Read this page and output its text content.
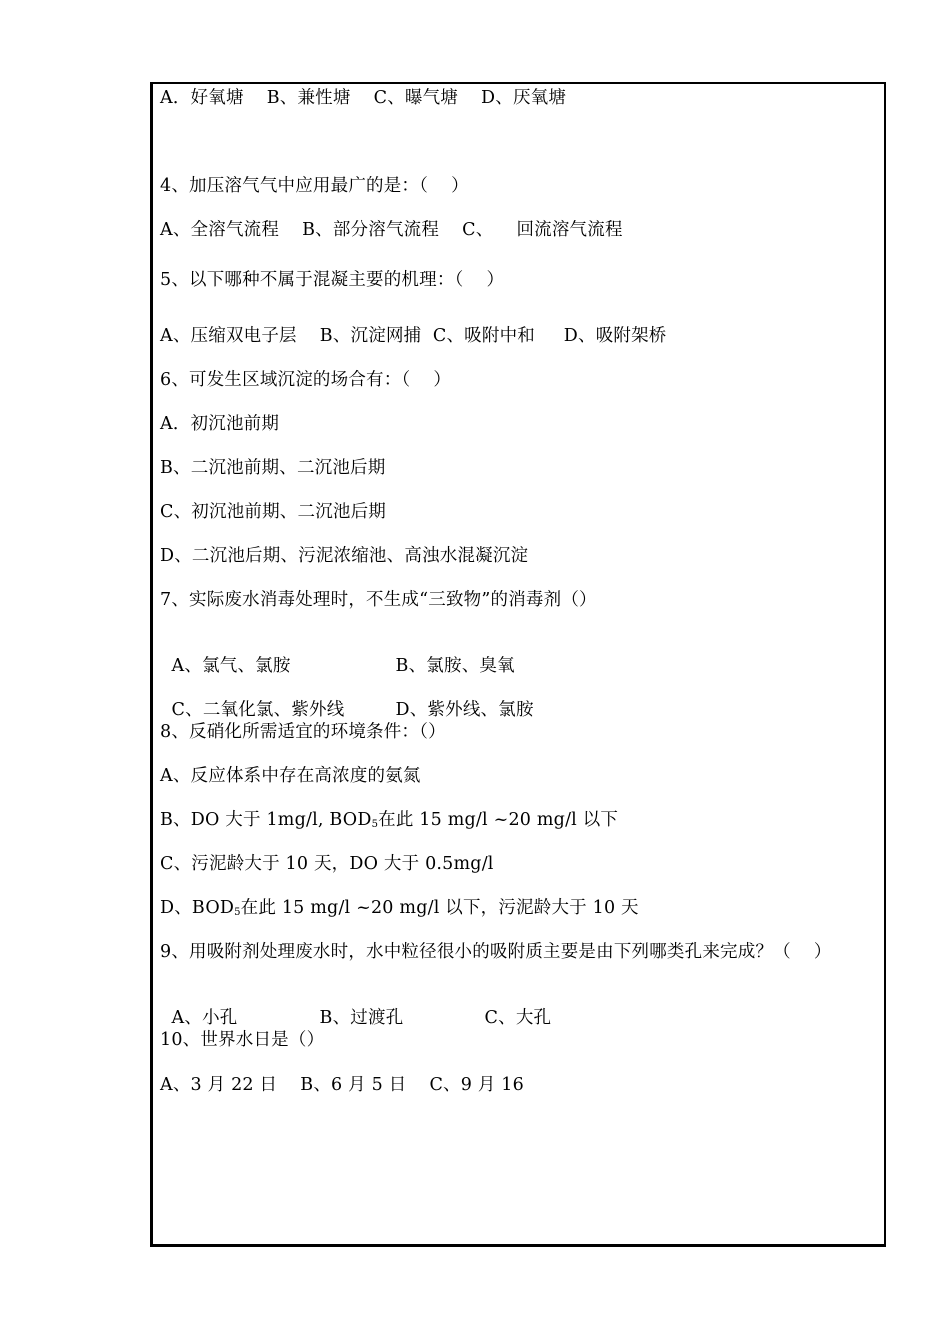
A．好氧塘    B、兼性塘    C、曝气塘    D、厌氧塘
4、加压溶气气中应用最广的是：（    ）
A、全溶气流程    B、部分溶气流程    C、    回流溶气流程
5、以下哪种不属于混凝主要的机理：（    ）
A、压缩双电子层    B、沉淀网捕  C、吸附中和     D、吸附架桥
6、可发生区域沉淀的场合有：（    ）
A．初沉池前期
B、二沉池前期、二沉池后期
C、初沉池前期、二沉池后期
D、二沉池后期、污泥浓缩池、高浊水混凝沉淀
7、实际废水消毒处理时，不生成“三致物”的消毒剂（）

A、氯气、氯胺	B、氯胺、臭氧

C、二氧化氯、紫外线	D、紫外线、氯胺

8、反硝化所需适宜的环境条件：（）
A、反应体系中存在高浓度的氨氮
B、DO 大于 1mg/l, $BOD_5$在此 15 mg/l ~20 mg/l 以下
C、污泥龄大于 10 天，DO 大于 0.5mg/l
D、$BOD_5$在此 15 mg/l ~20 mg/l 以下，污泥龄大于 10 天
9、用吸附剂处理废水时，水中粒径很小的吸附质主要是由下列哪类孔来完成？（    ）

A、小孔	B、过渡孔	C、大孔

10、世界水日是（）
A、3 月 22 日    B、6 月 5 日    C、9 月 16
